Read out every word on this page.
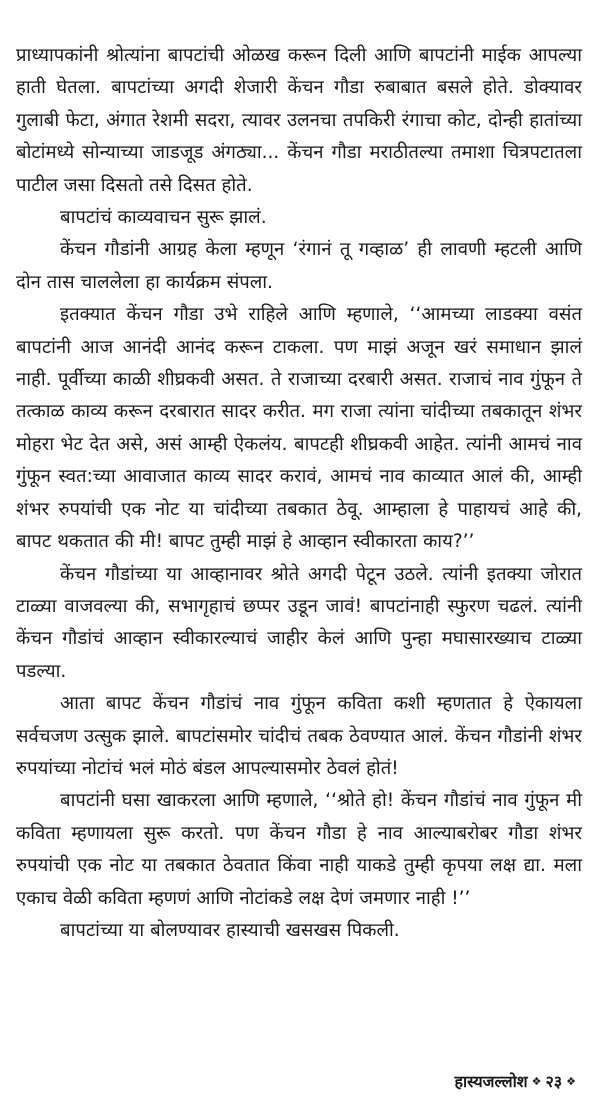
प्राध्यापकांनी श्रोत्यांना बापटांची ओळख करून दिली आणि बापटांनी माईक आपल्या हाती घेतला. बापटांच्या अगदी शेजारी केंचन गौडा रुबाबात बसले होते. डोक्यावर गुलाबी फेटा, अंगात रेशमी सदरा, त्यावर उलनचा तपकिरी रंगाचा कोट, दोन्ही हातांच्या बोटांमध्ये सोन्याच्या जाडजूड अंगठ्या... केंचन गौडा मराठीतल्या तमाशा चित्रपटातला पाटील जसा दिसतो तसे दिसत होते.

बापटांचं काव्यवाचन सुरू झालं.

केंचन गौडांनी आग्रह केला म्हणून ‘रंगानं तू गव्हाळ’ ही लावणी म्हटली आणि दोन तास चाललेला हा कार्यक्रम संपला.

इतक्यात केंचन गौडा उभे राहिले आणि म्हणाले, ‘‘आमच्या लाडक्या वसंत बापटांनी आज आनंदी आनंद करून टाकला. पण माझं अजून खरं समाधान झालं नाही. पूर्वीच्या काळी शीघ्रकवी असत. ते राजाच्या दरबारी असत. राजाचं नाव गुंफून ते तत्काळ काव्य करून दरबारात सादर करीत. मग राजा त्यांना चांदीच्या तबकातून शंभर मोहरा भेट देत असे, असं आम्ही ऐकलंय. बापटही शीघ्रकवी आहेत. त्यांनी आमचं नाव गुंफून स्वत:च्या आवाजात काव्य सादर करावं, आमचं नाव काव्यात आलं की, आम्ही शंभर रुपयांची एक नोट या चांदीच्या तबकात ठेवू. आम्हाला हे पाहायचं आहे की, बापट थकतात की मी! बापट तुम्ही माझं हे आव्हान स्वीकारता काय?’’

केंचन गौडांच्या या आव्हानावर श्रोते अगदी पेटून उठले. त्यांनी इतक्या जोरात टाळ्या वाजवल्या की, सभागृहाचं छप्पर उडून जावं! बापटांनाही स्फुरण चढलं. त्यांनी केंचन गौडांचं आव्हान स्वीकारल्याचं जाहीर केलं आणि पुन्हा मघासारख्याच टाळ्या पडल्या.

आता बापट केंचन गौडांचं नाव गुंफून कविता कशी म्हणतात हे ऐकायला सर्वचजण उत्सुक झाले. बापटांसमोर चांदीचं तबक ठेवण्यात आलं. केंचन गौडांनी शंभर रुपयांच्या नोटांचं भलं मोठं बंडल आपल्यासमोर ठेवलं होतं!

बापटांनी घसा खाकरला आणि म्हणाले, ‘‘श्रोते हो! केंचन गौडांचं नाव गुंफून मी कविता म्हणायला सुरू करतो. पण केंचन गौडा हे नाव आल्याबरोबर गौडा शंभर रुपयांची एक नोट या तबकात ठेवतात किंवा नाही याकडे तुम्ही कृपया लक्ष द्या. मला एकाच वेळी कविता म्हणणं आणि नोटांकडे लक्ष देणं जमणार नाही !’’

बापटांच्या या बोलण्यावर हास्याची खसखस पिकली.

हास्यजल्लोश ❖ २३ ❖
